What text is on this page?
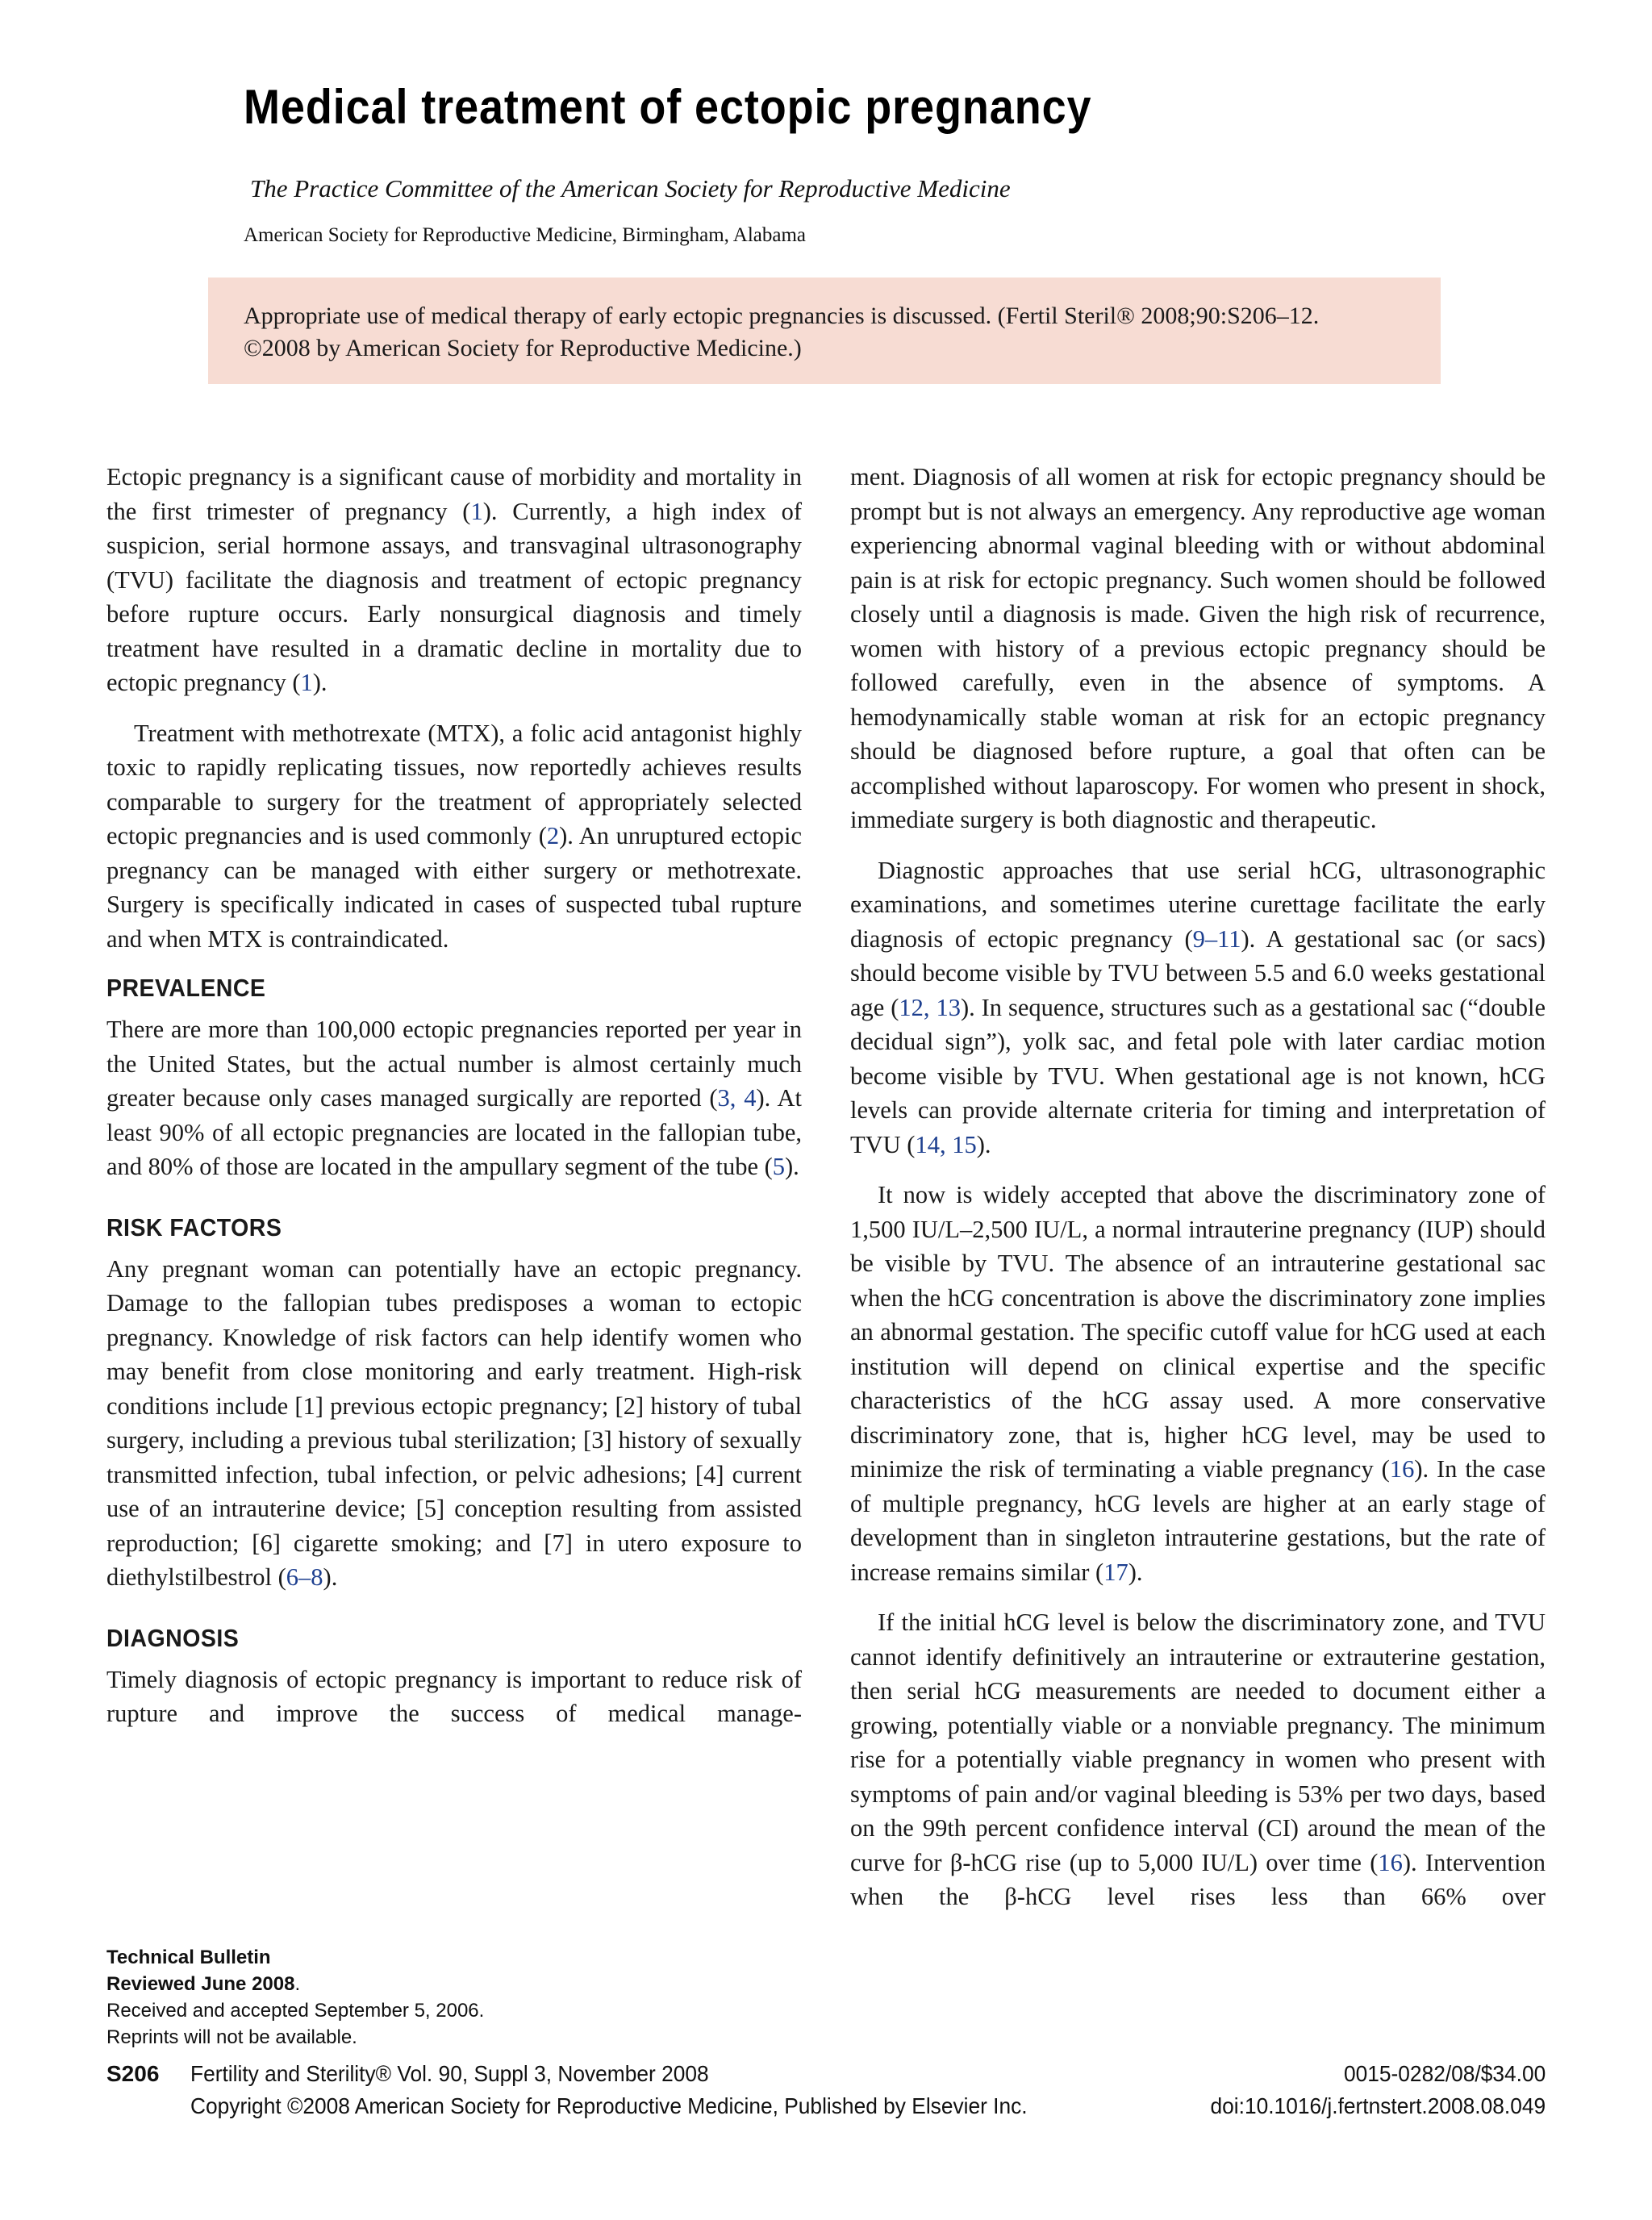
Medical treatment of ectopic pregnancy
The Practice Committee of the American Society for Reproductive Medicine
American Society for Reproductive Medicine, Birmingham, Alabama
Appropriate use of medical therapy of early ectopic pregnancies is discussed. (Fertil Steril® 2008;90:S206–12.
©2008 by American Society for Reproductive Medicine.)

Ectopic pregnancy is a significant cause of morbidity and mortality in the first trimester of pregnancy (1). Currently, a high index of suspicion, serial hormone assays, and transvaginal ultrasonography (TVU) facilitate the diagnosis and treatment of ectopic pregnancy before rupture occurs. Early nonsurgical diagnosis and timely treatment have resulted in a dramatic decline in mortality due to ectopic pregnancy (1).

Treatment with methotrexate (MTX), a folic acid antagonist highly toxic to rapidly replicating tissues, now reportedly achieves results comparable to surgery for the treatment of appropriately selected ectopic pregnancies and is used commonly (2). An unruptured ectopic pregnancy can be managed with either surgery or methotrexate. Surgery is specifically indicated in cases of suspected tubal rupture and when MTX is contraindicated.

PREVALENCE

There are more than 100,000 ectopic pregnancies reported per year in the United States, but the actual number is almost certainly much greater because only cases managed surgically are reported (3, 4). At least 90% of all ectopic pregnancies are located in the fallopian tube, and 80% of those are located in the ampullary segment of the tube (5).

RISK FACTORS

Any pregnant woman can potentially have an ectopic pregnancy. Damage to the fallopian tubes predisposes a woman to ectopic pregnancy. Knowledge of risk factors can help identify women who may benefit from close monitoring and early treatment. High-risk conditions include [1] previous ectopic pregnancy; [2] history of tubal surgery, including a previous tubal sterilization; [3] history of sexually transmitted infection, tubal infection, or pelvic adhesions; [4] current use of an intrauterine device; [5] conception resulting from assisted reproduction; [6] cigarette smoking; and [7] in utero exposure to diethylstilbestrol (6–8).

DIAGNOSIS

Timely diagnosis of ectopic pregnancy is important to reduce risk of rupture and improve the success of medical manage-

ment. Diagnosis of all women at risk for ectopic pregnancy should be prompt but is not always an emergency. Any reproductive age woman experiencing abnormal vaginal bleeding with or without abdominal pain is at risk for ectopic pregnancy. Such women should be followed closely until a diagnosis is made. Given the high risk of recurrence, women with history of a previous ectopic pregnancy should be followed carefully, even in the absence of symptoms. A hemodynamically stable woman at risk for an ectopic pregnancy should be diagnosed before rupture, a goal that often can be accomplished without laparoscopy. For women who present in shock, immediate surgery is both diagnostic and therapeutic.

Diagnostic approaches that use serial hCG, ultrasonographic examinations, and sometimes uterine curettage facilitate the early diagnosis of ectopic pregnancy (9–11). A gestational sac (or sacs) should become visible by TVU between 5.5 and 6.0 weeks gestational age (12, 13). In sequence, structures such as a gestational sac (“double decidual sign”), yolk sac, and fetal pole with later cardiac motion become visible by TVU. When gestational age is not known, hCG levels can provide alternate criteria for timing and interpretation of TVU (14, 15).

It now is widely accepted that above the discriminatory zone of 1,500 IU/L–2,500 IU/L, a normal intrauterine pregnancy (IUP) should be visible by TVU. The absence of an intrauterine gestational sac when the hCG concentration is above the discriminatory zone implies an abnormal gestation. The specific cutoff value for hCG used at each institution will depend on clinical expertise and the specific characteristics of the hCG assay used. A more conservative discriminatory zone, that is, higher hCG level, may be used to minimize the risk of terminating a viable pregnancy (16). In the case of multiple pregnancy, hCG levels are higher at an early stage of development than in singleton intrauterine gestations, but the rate of increase remains similar (17).

If the initial hCG level is below the discriminatory zone, and TVU cannot identify definitively an intrauterine or extrauterine gestation, then serial hCG measurements are needed to document either a growing, potentially viable or a nonviable pregnancy. The minimum rise for a potentially viable pregnancy in women who present with symptoms of pain and/or vaginal bleeding is 53% per two days, based on the 99th percent confidence interval (CI) around the mean of the curve for β-hCG rise (up to 5,000 IU/L) over time (16). Intervention when the β-hCG level rises less than 66% over

Technical Bulletin
Reviewed June 2008.
Received and accepted September 5, 2006.
Reprints will not be available.
S206 Fertility and Sterility® Vol. 90, Suppl 3, November 2008
Copyright ©2008 American Society for Reproductive Medicine, Published by Elsevier Inc.
0015-0282/08/$34.00
doi:10.1016/j.fertnstert.2008.08.049
